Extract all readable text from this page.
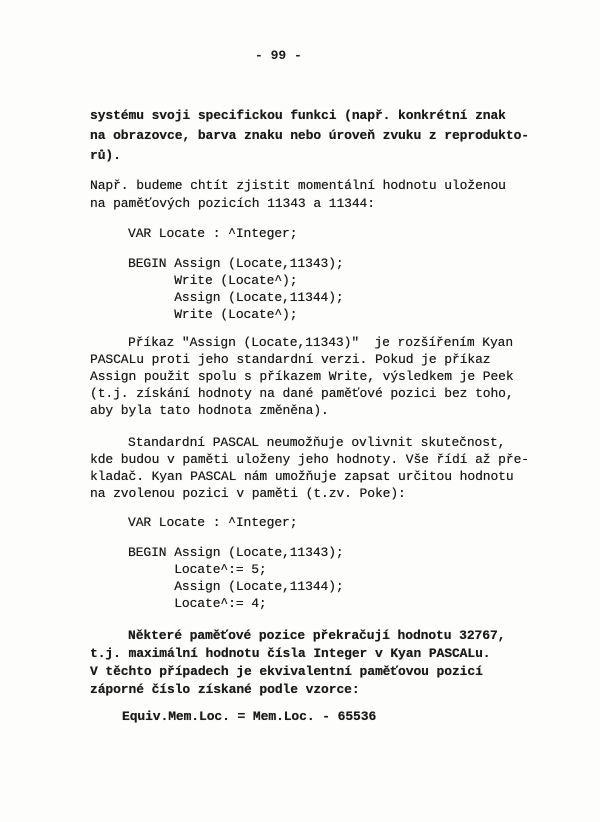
- 99 -
systému svoji specifickou funkci (např. konkrétní znak
na obrazovce, barva znaku nebo úroveň zvuku z reprodukto-
rů).
Např. budeme chtít zjistit momentální hodnotu uloženou
na paměťových pozicích 11343 a 11344:
VAR Locate : ^Integer;
BEGIN Assign (Locate,11343);
Write (Locate^);
Assign (Locate,11344);
Write (Locate^);
Příkaz "Assign (Locate,11343)"  je rozšířením Kyan
PASCALu proti jeho standardní verzi. Pokud je příkaz
Assign použit spolu s příkazem Write, výsledkem je Peek
(t.j. získání hodnoty na dané paměťové pozici bez toho,
aby byla tato hodnota změněna).
Standardní PASCAL neumožňuje ovlivnit skutečnost,
kde budou v paměti uloženy jeho hodnoty. Vše řídí až pře-
kladač. Kyan PASCAL nám umožňuje zapsat určitou hodnotu
na zvolenou pozici v paměti (t.zv. Poke):
VAR Locate : ^Integer;
BEGIN Assign (Locate,11343);
Locate^:= 5;
Assign (Locate,11344);
Locate^:= 4;
Některé paměťové pozice překračují hodnotu 32767,
t.j. maximální hodnotu čísla Integer v Kyan PASCALu.
V těchto případech je ekvivalentní paměťovou pozicí
záporné číslo získané podle vzorce:
Equiv.Mem.Loc. = Mem.Loc. - 65536
